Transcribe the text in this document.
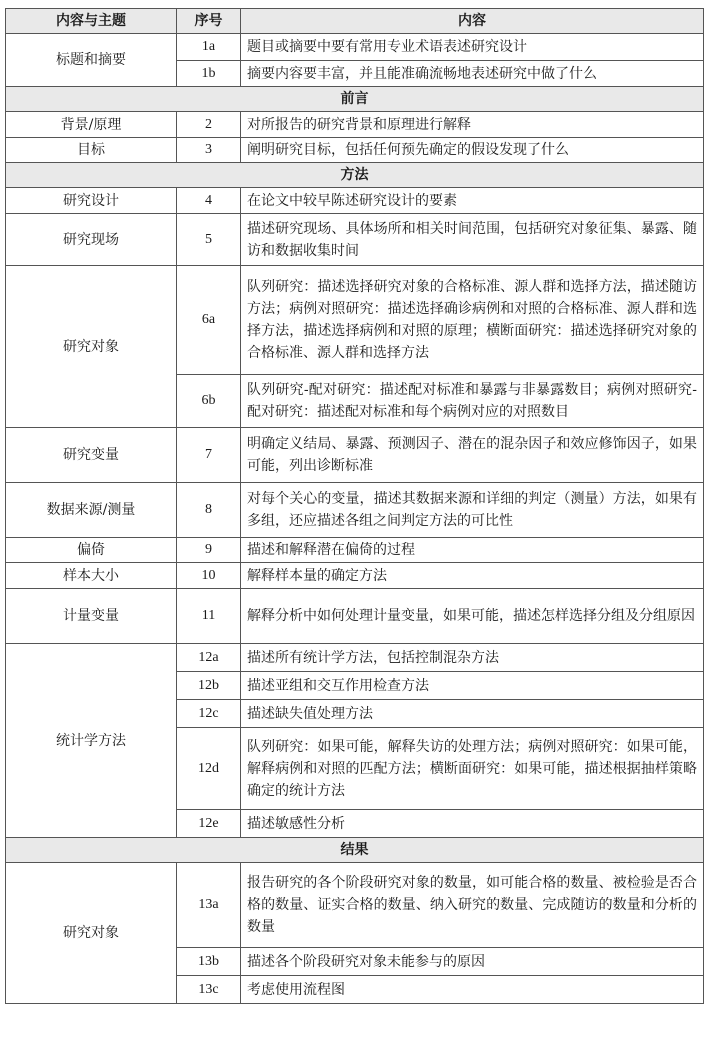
内容与主题	序号	内容
标题和摘要	1a	题目或摘要中要有常用专业术语表述研究设计
	1b	摘要内容要丰富，并且能准确流畅地表述研究中做了什么
前言		
背景/原理	2	对所报告的研究背景和原理进行解释
目标	3	阐明研究目标，包括任何预先确定的假设发现了什么
方法		
研究设计	4	在论文中较早陈述研究设计的要素
研究现场	5	描述研究现场、具体场所和相关时间范围，包括研究对象征集、暴露、随访和数据收集时间
研究对象	6a	队列研究：描述选择研究对象的合格标准、源人群和选择方法，描述随访方法；病例对照研究：描述选择确诊病例和对照的合格标准、源人群和选择方法，描述选择病例和对照的原理；横断面研究：描述选择研究对象的合格标准、源人群和选择方法
	6b	队列研究-配对研究：描述配对标准和暴露与非暴露数目；病例对照研究-配对研究：描述配对标准和每个病例对应的对照数目
研究变量	7	明确定义结局、暴露、预测因子、潜在的混杂因子和效应修饰因子，如果可能，列出诊断标准
数据来源/测量	8	对每个关心的变量，描述其数据来源和详细的判定（测量）方法，如果有多组，还应描述各组之间判定方法的可比性
偏倚	9	描述和解释潜在偏倚的过程
样本大小	10	解释样本量的确定方法
计量变量	11	解释分析中如何处理计量变量，如果可能，描述怎样选择分组及分组原因
统计学方法	12a	描述所有统计学方法，包括控制混杂方法
	12b	描述亚组和交互作用检查方法
	12c	描述缺失值处理方法
	12d	队列研究：如果可能，解释失访的处理方法；病例对照研究：如果可能，解释病例和对照的匹配方法；横断面研究：如果可能，描述根据抽样策略确定的统计方法
	12e	描述敏感性分析
结果		
研究对象	13a	报告研究的各个阶段研究对象的数量，如可能合格的数量、被检验是否合格的数量、证实合格的数量、纳入研究的数量、完成随访的数量和分析的数量
	13b	描述各个阶段研究对象未能参与的原因
	13c	考虑使用流程图
